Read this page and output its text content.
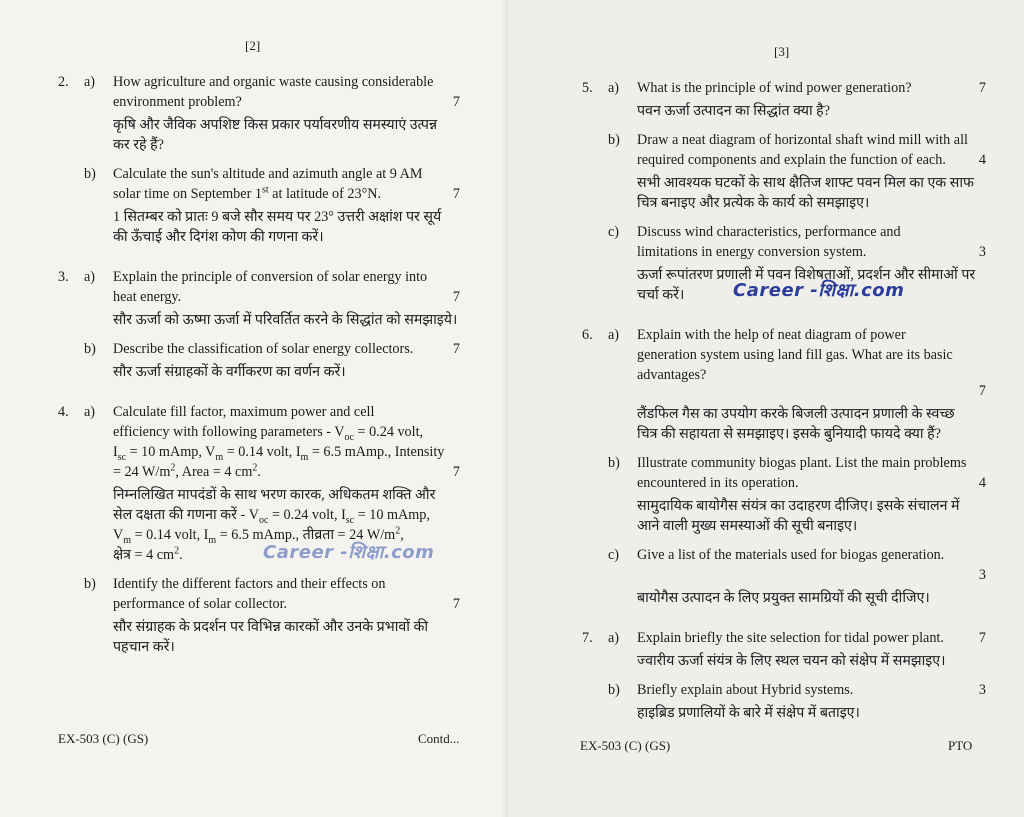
[2]
2. a) How agriculture and organic waste causing considerable
environment problem?	7
कृषि और जैविक अपशिष्ट किस प्रकार पर्यावरणीय समस्याएं उत्पन्न
कर रहे हैं?
b) Calculate the sun's altitude and azimuth angle at 9 AM
solar time on September 1st at latitude of 23°N.	7
1 सितम्बर को प्रातः 9 बजे सौर समय पर 23° उत्तरी अक्षांश पर सूर्य
की ऊँचाई और दिगंश कोण की गणना करें।
3. a) Explain the principle of conversion of solar energy into
heat energy.	7
सौर ऊर्जा को ऊष्मा ऊर्जा में परिवर्तित करने के सिद्धांत को समझाइये।
b) Describe the classification of solar energy collectors.	7
सौर ऊर्जा संग्राहकों के वर्गीकरण का वर्णन करें।
4. a) Calculate fill factor, maximum power and cell
efficiency with following parameters - $V_{oc} = 0.24$ volt,
$I_{sc} = 10$ mAmp, $V_m = 0.14$ volt, $I_m = 6.5$ mAmp., Intensity
= 24 $W/m^2$, Area = 4 $cm^2$.	7
निम्नलिखित मापदंडों के साथ भरण कारक, अधिकतम शक्ति और
सेल दक्षता की गणना करें - $V_{oc} = 0.24$ volt, $I_{sc} = 10$ mAmp,
$V_m = 0.14$ volt, $I_m = 6.5$ mAmp., तीव्रता = 24 $W/m^2$,
क्षेत्र = 4 $cm^2$.	Career -शिक्षा.com
b) Identify the different factors and their effects on
performance of solar collector.	7
सौर संग्राहक के प्रदर्शन पर विभिन्न कारकों और उनके प्रभावों की
पहचान करें।
EX-503 (C) (GS)	Contd...
[3]
5. a) What is the principle of wind power generation?	7
पवन ऊर्जा उत्पादन का सिद्धांत क्या है?
b) Draw a neat diagram of horizontal shaft wind mill with all
required components and explain the function of each. 4
सभी आवश्यक घटकों के साथ क्षैतिज शाफ्ट पवन मिल का एक साफ
चित्र बनाइए और प्रत्येक के कार्य को समझाइए।
c) Discuss wind characteristics, performance and
limitations in energy conversion system.	3
ऊर्जा रूपांतरण प्रणाली में पवन विशेषताओं, प्रदर्शन और सीमाओं पर
चर्चा करें।	Career -शिक्षा.com
6. a) Explain with the help of neat diagram of power
generation system using land fill gas. What are its basic
advantages?
7
लैंडफिल गैस का उपयोग करके बिजली उत्पादन प्रणाली के स्वच्छ
चित्र की सहायता से समझाइए। इसके बुनियादी फायदे क्या हैं?
b) Illustrate community biogas plant. List the main problems
encountered in its operation.	4
सामुदायिक बायोगैस संयंत्र का उदाहरण दीजिए। इसके संचालन में
आने वाली मुख्य समस्याओं की सूची बनाइए।
c) Give a list of the materials used for biogas generation.
3
बायोगैस उत्पादन के लिए प्रयुक्त सामग्रियों की सूची दीजिए।
7. a) Explain briefly the site selection for tidal power plant. 7
ज्वारीय ऊर्जा संयंत्र के लिए स्थल चयन को संक्षेप में समझाइए।
b) Briefly explain about Hybrid systems.	3
हाइब्रिड प्रणालियों के बारे में संक्षेप में बताइए।
EX-503 (C) (GS)	PTO
